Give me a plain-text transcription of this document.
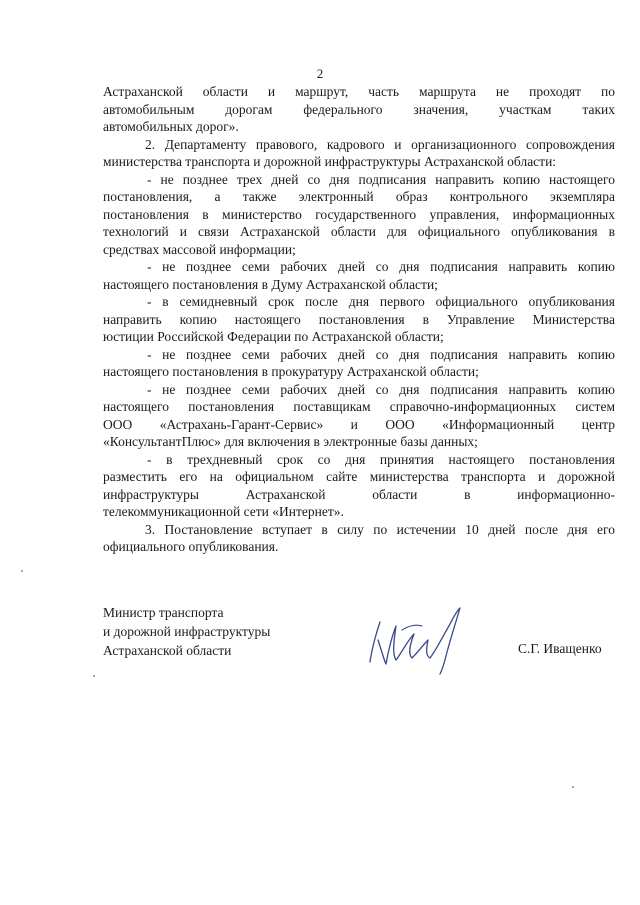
2
Астраханской области и маршрут, часть маршрута не проходят по
автомобильным дорогам федерального значения, участкам таких
автомобильных дорог».
2. Департаменту правового, кадрового и организационного сопровождения
министерства транспорта и дорожной инфраструктуры Астраханской области:
- не позднее трех дней со дня подписания направить копию настоящего
постановления, а также электронный образ контрольного экземпляра
постановления в министерство государственного управления, информационных
технологий и связи Астраханской области для официального опубликования в
средствах массовой информации;
- не позднее семи рабочих дней со дня подписания направить копию
настоящего постановления в Думу Астраханской области;
- в семидневный срок после дня первого официального опубликования
направить копию настоящего постановления в Управление Министерства
юстиции Российской Федерации по Астраханской области;
- не позднее семи рабочих дней со дня подписания направить копию
настоящего постановления в прокуратуру Астраханской области;
- не позднее семи рабочих дней со дня подписания направить копию
настоящего постановления поставщикам справочно-информационных систем
ООО «Астрахань-Гарант-Сервис» и ООО «Информационный центр
«КонсультантПлюс» для включения в электронные базы данных;
- в трехдневный срок со дня принятия настоящего постановления
разместить его на официальном сайте министерства транспорта и дорожной
инфраструктуры Астраханской области в информационно-
телекоммуникационной сети «Интернет».
3. Постановление вступает в силу по истечении 10 дней после дня его
официального опубликования.
Министр транспорта
и дорожной инфраструктуры
Астраханской области	С.Г. Иващенко
